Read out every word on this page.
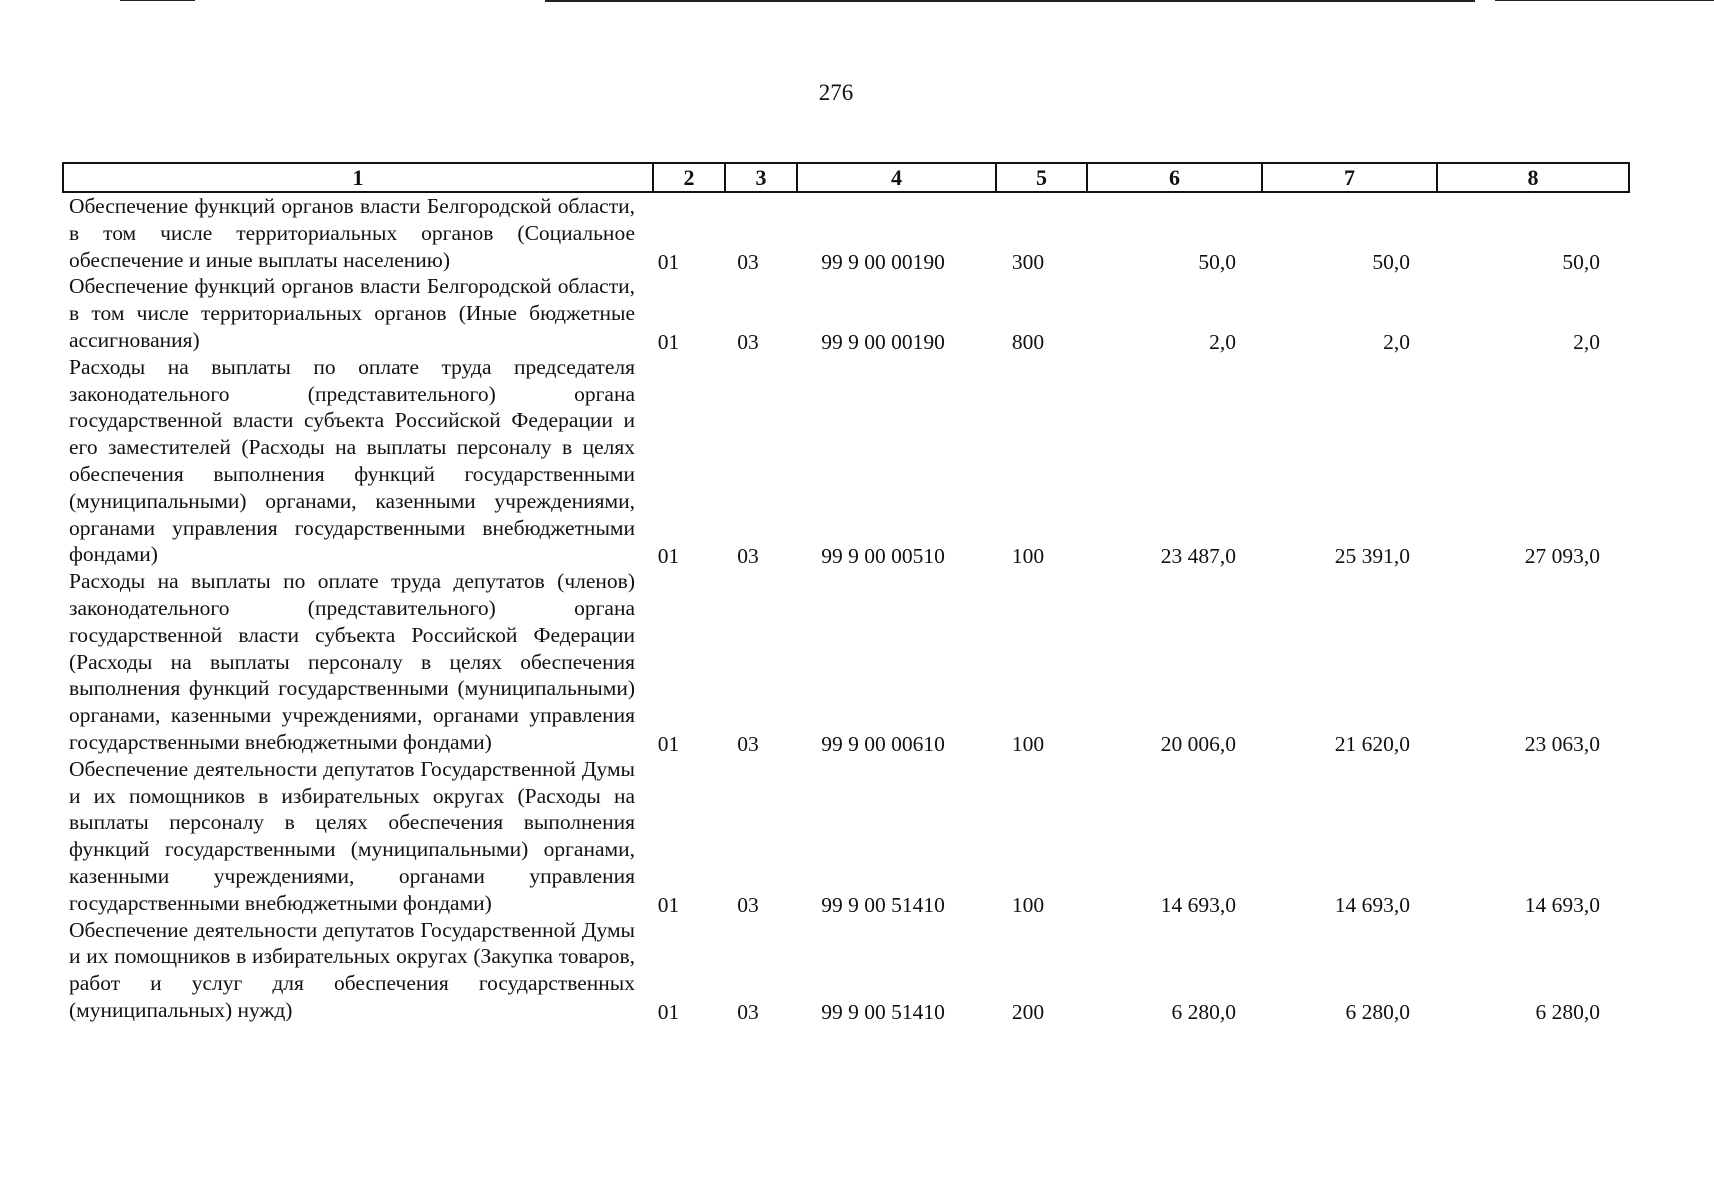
276
1	2	3	4	5	6	7	8
Обеспечение функций органов власти Белгородской области, в том числе территориальных органов (Социальное обеспечение и иные выплаты населению)	01	03	99 9 00 00190	300	50,0	50,0	50,0
Обеспечение функций органов власти Белгородской области, в том числе территориальных органов (Иные бюджетные ассигнования)	01	03	99 9 00 00190	800	2,0	2,0	2,0
Расходы на выплаты по оплате труда председателя законодательного (представительного) органа государственной власти субъекта Российской Федерации и его заместителей (Расходы на выплаты персоналу в целях обеспечения выполнения функций государственными (муниципальными) органами, казенными учреждениями, органами управления государственными внебюджетными фондами)	01	03	99 9 00 00510	100	23 487,0	25 391,0	27 093,0
Расходы на выплаты по оплате труда депутатов (членов) законодательного (представительного) органа государственной власти субъекта Российской Федерации (Расходы на выплаты персоналу в целях обеспечения выполнения функций государственными (муниципальными) органами, казенными учреждениями, органами управления государственными внебюджетными фондами)	01	03	99 9 00 00610	100	20 006,0	21 620,0	23 063,0
Обеспечение деятельности депутатов Государственной Думы и их помощников в избирательных округах (Расходы на выплаты персоналу в целях обеспечения выполнения функций государственными (муниципальными) органами, казенными учреждениями, органами управления государственными внебюджетными фондами)	01	03	99 9 00 51410	100	14 693,0	14 693,0	14 693,0
Обеспечение деятельности депутатов Государственной Думы и их помощников в избирательных округах (Закупка товаров, работ и услуг для обеспечения государственных (муниципальных) нужд)	01	03	99 9 00 51410	200	6 280,0	6 280,0	6 280,0
